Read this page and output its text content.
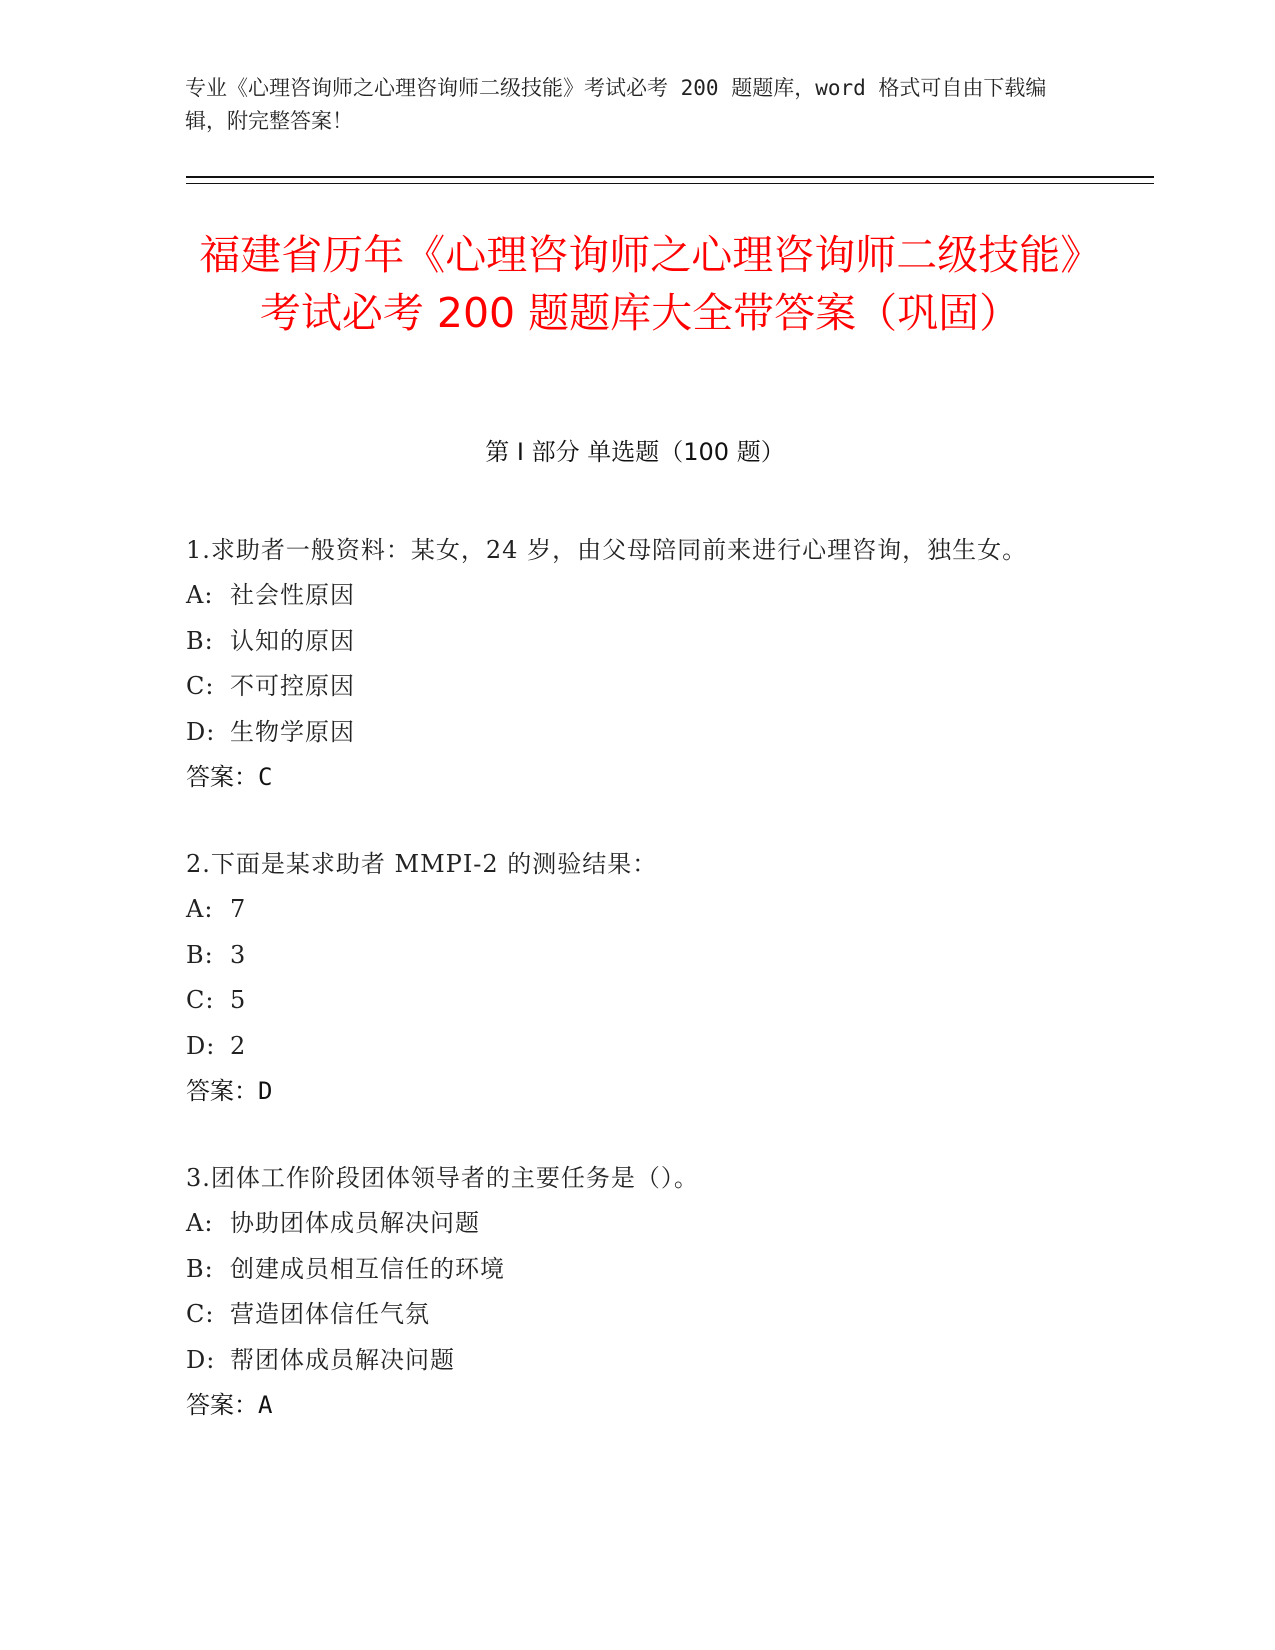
专业《心理咨询师之心理咨询师二级技能》考试必考 200 题题库，word 格式可自由下载编辑，附完整答案！
福建省历年《心理咨询师之心理咨询师二级技能》考试必考 200 题题库大全带答案（巩固）
第 I 部分 单选题（100 题）
1.求助者一般资料：某女，24 岁，由父母陪同前来进行心理咨询，独生女。
A: 社会性原因
B: 认知的原因
C: 不可控原因
D: 生物学原因
答案：C
2.下面是某求助者 MMPI-2 的测验结果：
A: 7
B: 3
C: 5
D: 2
答案：D
3.团体工作阶段团体领导者的主要任务是（）。
A: 协助团体成员解决问题
B: 创建成员相互信任的环境
C: 营造团体信任气氛
D: 帮团体成员解决问题
答案：A
